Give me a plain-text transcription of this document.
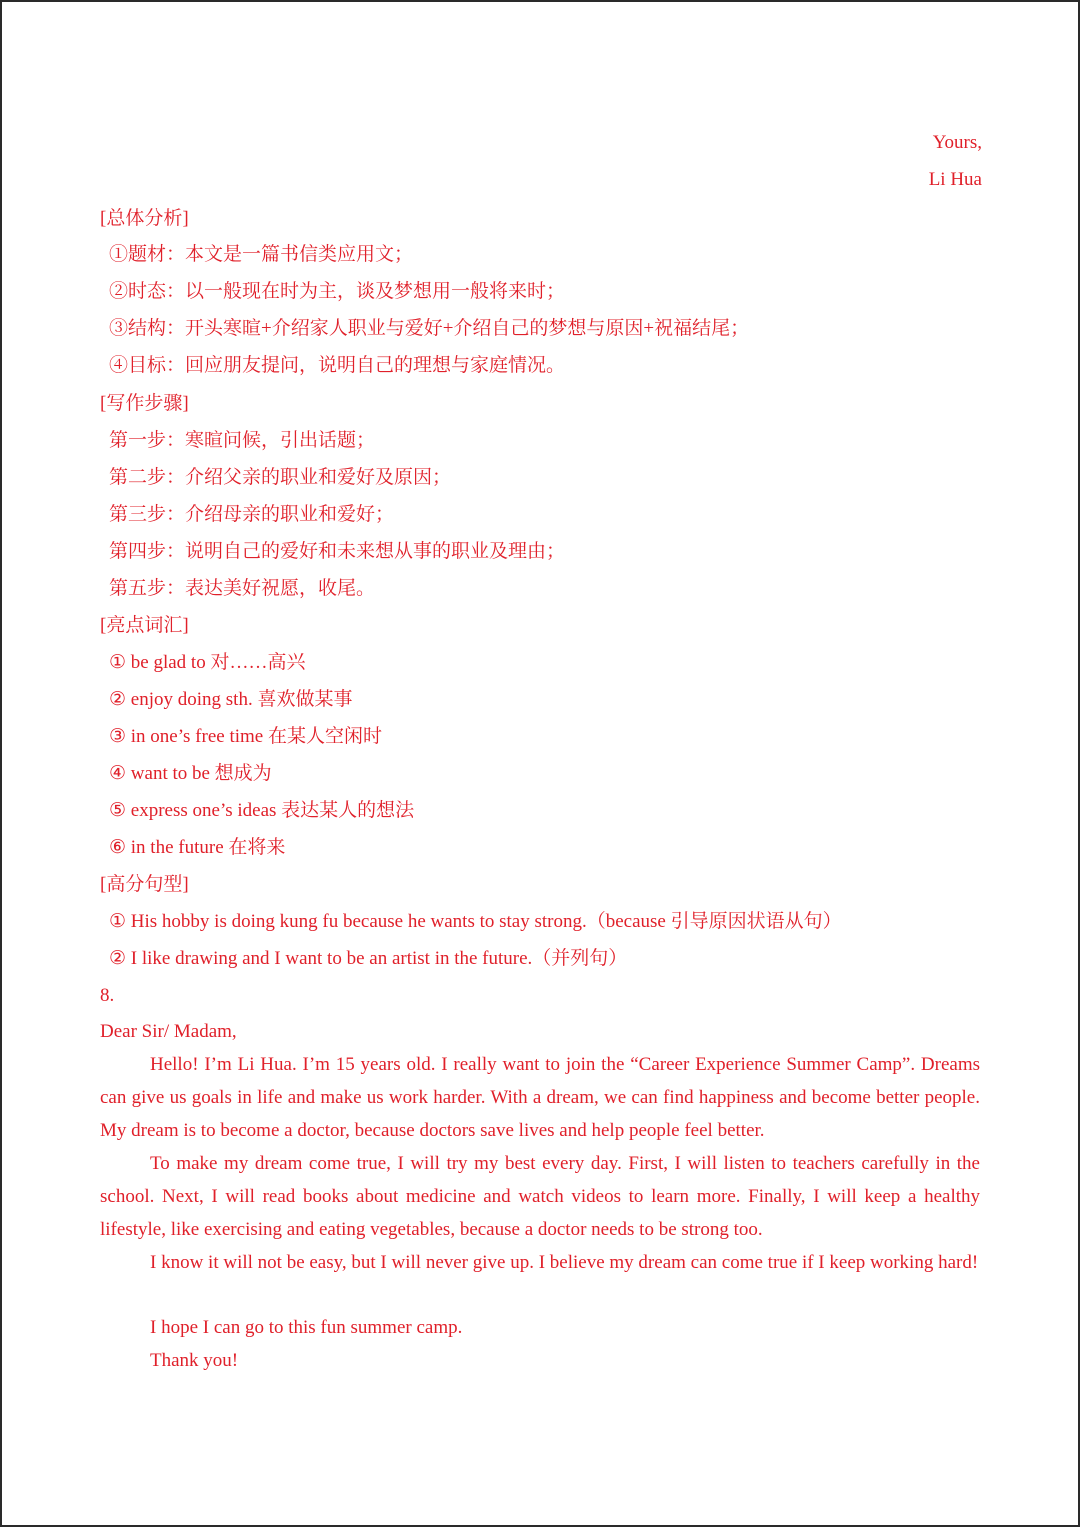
Yours,
Li Hua
[总体分析]
①题材：本文是一篇书信类应用文；
②时态：以一般现在时为主，谈及梦想用一般将来时；
③结构：开头寒暄+介绍家人职业与爱好+介绍自己的梦想与原因+祝福结尾；
④目标：回应朋友提问，说明自己的理想与家庭情况。
[写作步骤]
第一步：寒暄问候，引出话题；
第二步：介绍父亲的职业和爱好及原因；
第三步：介绍母亲的职业和爱好；
第四步：说明自己的爱好和未来想从事的职业及理由；
第五步：表达美好祝愿，收尾。
[亮点词汇]
① be glad to 对……高兴
② enjoy doing sth. 喜欢做某事
③ in one’s free time 在某人空闲时
④ want to be 想成为
⑤ express one’s ideas 表达某人的想法
⑥ in the future 在将来
[高分句型]
① His hobby is doing kung fu because he wants to stay strong.（because 引导原因状语从句）
② I like drawing and I want to be an artist in the future.（并列句）
8.
Dear Sir/ Madam,

Hello! I’m Li Hua. I’m 15 years old. I really want to join the “Career Experience Summer Camp”. Dreams can give us goals in life and make us work harder. With a dream, we can find happiness and become better people. My dream is to become a doctor, because doctors save lives and help people feel better.

To make my dream come true, I will try my best every day. First, I will listen to teachers carefully in the school. Next, I will read books about medicine and watch videos to learn more. Finally, I will keep a healthy lifestyle, like exercising and eating vegetables, because a doctor needs to be strong too.

I know it will not be easy, but I will never give up. I believe my dream can come true if I keep working hard!

I hope I can go to this fun summer camp.
Thank you!
